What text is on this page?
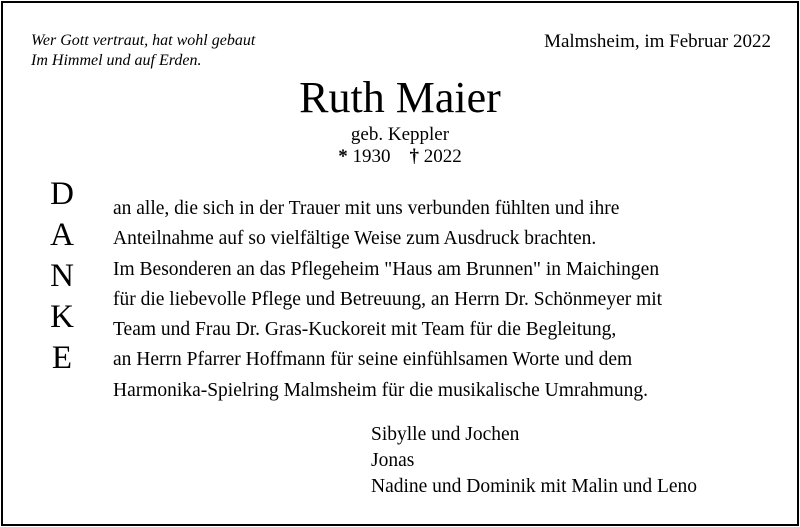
Wer Gott vertraut, hat wohl gebaut
Im Himmel und auf Erden.
Malmsheim, im Februar 2022
Ruth Maier
geb. Keppler
* 1930 † 2022
D
A
N
K
E
an alle, die sich in der Trauer mit uns verbunden fühlten und ihre
Anteilnahme auf so vielfältige Weise zum Ausdruck brachten.
Im Besonderen an das Pflegeheim "Haus am Brunnen" in Maichingen
für die liebevolle Pflege und Betreuung, an Herrn Dr. Schönmeyer mit
Team und Frau Dr. Gras-Kuckoreit mit Team für die Begleitung,
an Herrn Pfarrer Hoffmann für seine einfühlsamen Worte und dem
Harmonika-Spielring Malmsheim für die musikalische Umrahmung.
Sibylle und Jochen
Jonas
Nadine und Dominik mit Malin und Leno
